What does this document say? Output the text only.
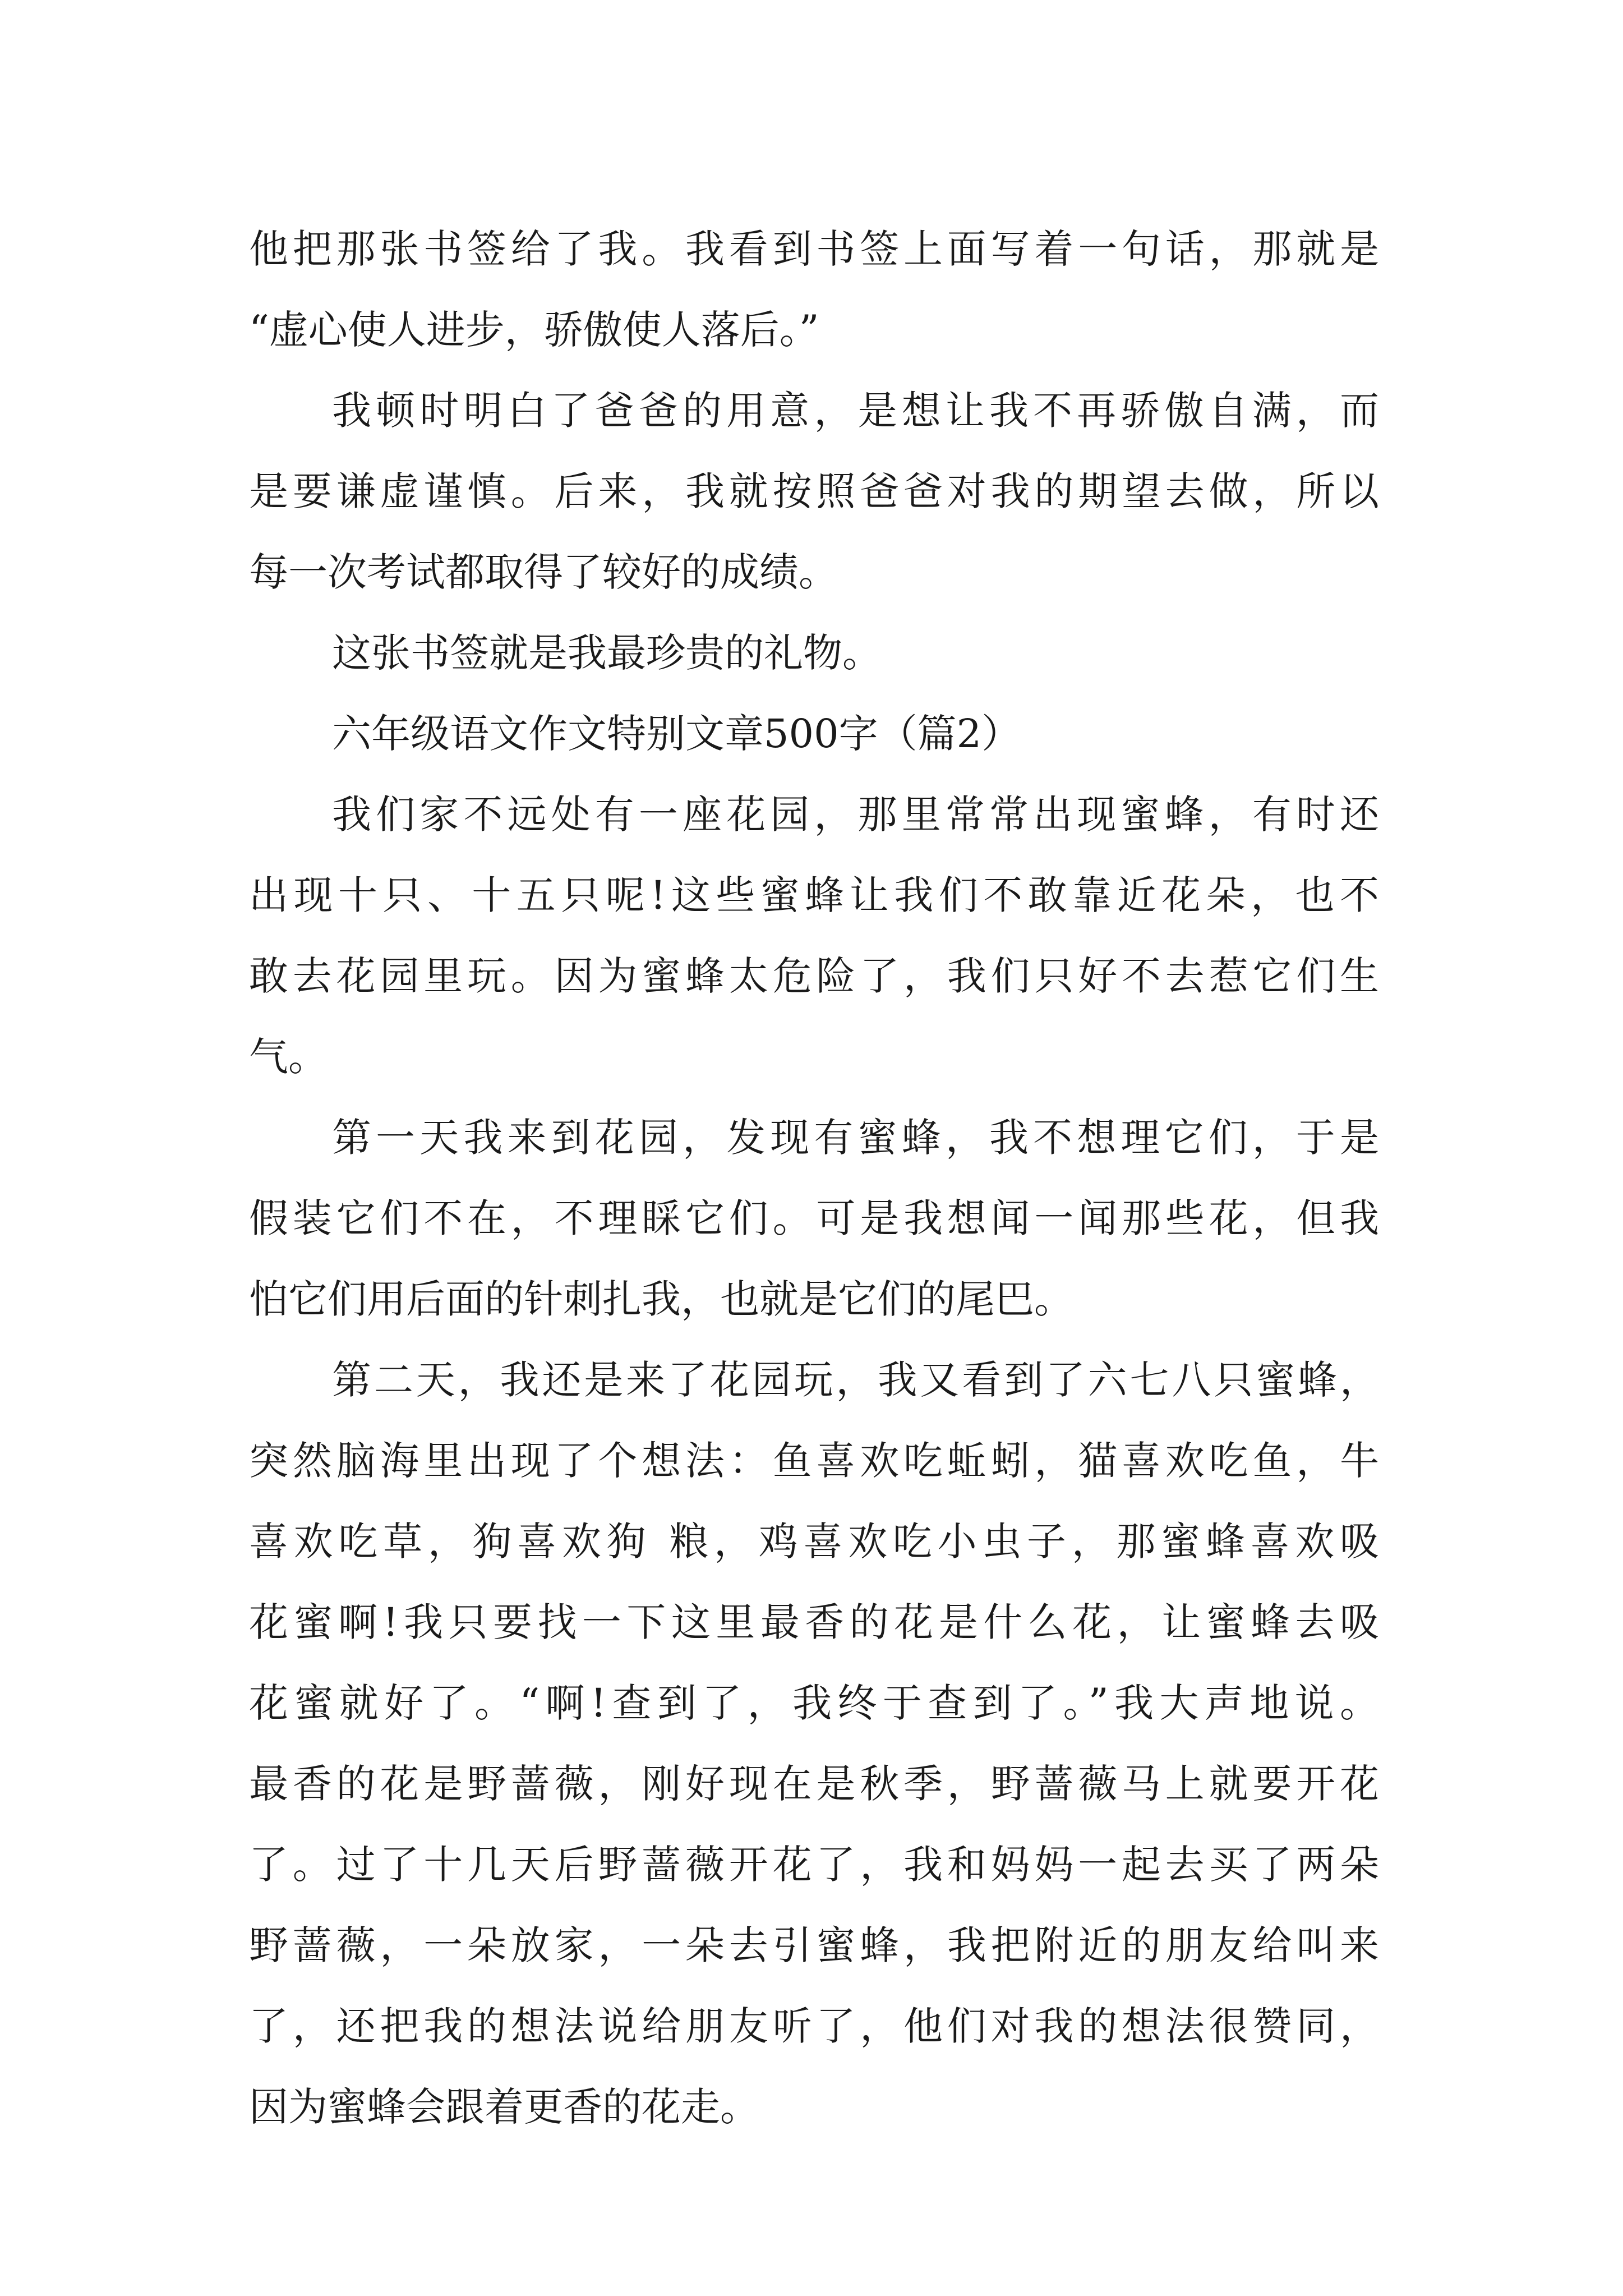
他把那张书签给了我。我看到书签上面写着一句话，那就是
“虚心使人进步，骄傲使人落后。”
我顿时明白了爸爸的用意，是想让我不再骄傲自满，而
是要谦虚谨慎。后来，我就按照爸爸对我的期望去做，所以
每一次考试都取得了较好的成绩。
这张书签就是我最珍贵的礼物。
六年级语文作文特别文章500字（篇2）
我们家不远处有一座花园，那里常常出现蜜蜂，有时还
出现十只、十五只呢!这些蜜蜂让我们不敢靠近花朵，也不
敢去花园里玩。因为蜜蜂太危险了，我们只好不去惹它们生
气。
第一天我来到花园，发现有蜜蜂，我不想理它们，于是
假装它们不在，不理睬它们。可是我想闻一闻那些花，但我
怕它们用后面的针刺扎我，也就是它们的尾巴。
第二天，我还是来了花园玩，我又看到了六七八只蜜蜂，
突然脑海里出现了个想法：鱼喜欢吃蚯蚓，猫喜欢吃鱼，牛
喜欢吃草，狗喜欢狗 粮，鸡喜欢吃小虫子，那蜜蜂喜欢吸
花蜜啊!我只要找一下这里最香的花是什么花，让蜜蜂去吸
花蜜就好了。“啊!查到了，我终于查到了。”我大声地说。
最香的花是野蔷薇，刚好现在是秋季，野蔷薇马上就要开花
了。过了十几天后野蔷薇开花了，我和妈妈一起去买了两朵
野蔷薇，一朵放家，一朵去引蜜蜂，我把附近的朋友给叫来
了，还把我的想法说给朋友听了，他们对我的想法很赞同，
因为蜜蜂会跟着更香的花走。
